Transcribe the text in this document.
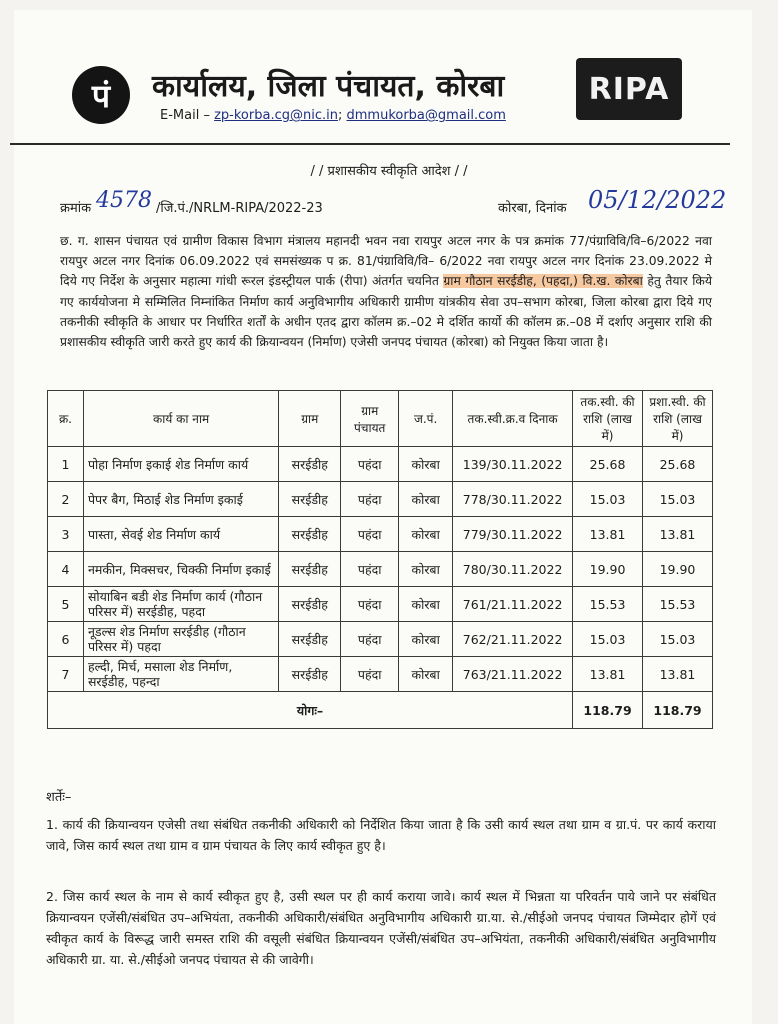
पं कार्यालय, जिला पंचायत, कोरबा
E-Mail – zp-korba.cg@nic.in; dmmukorba@gmail.com
RIPA
/ / प्रशासकीय स्वीकृति आदेश / /
क्रमांक 4578 /जि.पं./NRLM-RIPA/2022-23	कोरबा, दिनांक 05/12/2022
छ. ग. शासन पंचायत एवं ग्रामीण विकास विभाग मंत्रालय महानदी भवन नवा रायपुर अटल नगर के पत्र क्रमांक 77/पंग्राविवि/वि–6/2022 नवा रायपुर अटल नगर दिनांक 06.09.2022 एवं समसंख्यक प क्र. 81/पंग्राविवि/वि– 6/2022 नवा रायपुर अटल नगर दिनांक 23.09.2022 मे दिये गए निर्देश के अनुसार महात्मा गांधी रूरल इंडस्ट्रीयल पार्क (रीपा) अंतर्गत चयनित ग्राम गौठान सरईडीह, (पहदा,) वि.ख. कोरबा हेतु तैयार किये गए कार्ययोजना मे सम्मिलित निम्नांकित निर्माण कार्य अनुविभागीय अधिकारी ग्रामीण यांत्रकीय सेवा उप–सभाग कोरबा, जिला कोरबा द्वारा दिये गए तकनीकी स्वीकृति के आधार पर निर्धारित शर्तों के अधीन एतद द्वारा कॉलम क्र.–02 मे दर्शित कार्यो की कॉलम क्र.–08 में दर्शाए अनुसार राशि की प्रशासकीय स्वीकृति जारी करते हुए कार्य की क्रियान्वयन (निर्माण) एजेसी जनपद पंचायत (कोरबा) को नियुक्त किया जाता है।
क्र.	कार्य का नाम	ग्राम	ग्राम पंचायत	ज.पं.	तक.स्वी.क्र.व दिनाक	तक.स्वी. की राशि (लाख में)	प्रशा.स्वी. की राशि (लाख में)
1	पोहा निर्माण इकाई शेड निर्माण कार्य	सरईडीह	पहंदा	कोरबा	139/30.11.2022	25.68	25.68
2	पेपर बैग, मिठाई शेड निर्माण इकाई	सरईडीह	पहंदा	कोरबा	778/30.11.2022	15.03	15.03
3	पास्ता, सेवई शेड निर्माण कार्य	सरईडीह	पहंदा	कोरबा	779/30.11.2022	13.81	13.81
4	नमकीन, मिक्सचर, चिक्की निर्माण इकाई	सरईडीह	पहंदा	कोरबा	780/30.11.2022	19.90	19.90
5	सोयाबिन बडी शेड निर्माण कार्य (गौठान परिसर में) सरईडीह, पहदा	सरईडीह	पहंदा	कोरबा	761/21.11.2022	15.53	15.53
6	नूडल्स शेड निर्माण सरईडीह (गौठान परिसर में) पहदा	सरईडीह	पहंदा	कोरबा	762/21.11.2022	15.03	15.03
7	हल्दी, मिर्च, मसाला शेड निर्माण, सरईडीह, पहन्दा	सरईडीह	पहंदा	कोरबा	763/21.11.2022	13.81	13.81
योगः–						118.79	118.79
शर्तेः–
1. कार्य की क्रियान्वयन एजेसी तथा संबंधित तकनीकी अधिकारी को निर्देशित किया जाता है कि उसी कार्य स्थल तथा ग्राम व ग्रा.पं. पर कार्य कराया जावे, जिस कार्य स्थल तथा ग्राम व ग्राम पंचायत के लिए कार्य स्वीकृत हुए है।
2. जिस कार्य स्थल के नाम से कार्य स्वीकृत हुए है, उसी स्थल पर ही कार्य कराया जावे। कार्य स्थल में भिन्नता या परिवर्तन पाये जाने पर संबंधित क्रियान्वयन एजेंसी/संबंधित उप–अभियंता, तकनीकी अधिकारी/संबंधित अनुविभागीय अधिकारी ग्रा.या. से./सीईओ जनपद पंचायत जिम्मेदार होगें एवं स्वीकृत कार्य के विरूद्ध जारी समस्त राशि की वसूली संबंधित क्रियान्वयन एजेंसी/संबंधित उप–अभियंता, तकनीकी अधिकारी/संबंधित अनुविभागीय अधिकारी ग्रा. या. से./सीईओ जनपद पंचायत से की जावेगी।
